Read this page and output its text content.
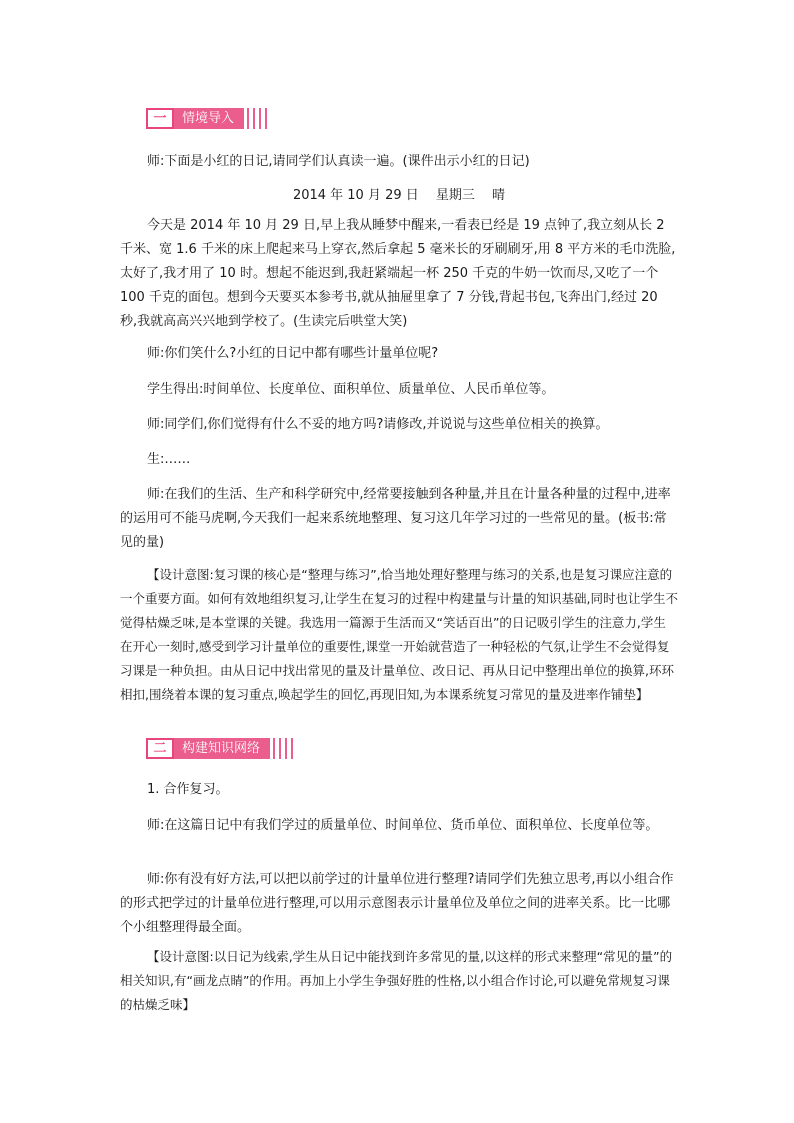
一	情境导入

师:下面是小红的日记,请同学们认真读一遍。(课件出示小红的日记)

2014 年 10 月 29 日　 星期三　 晴

今天是 2014 年 10 月 29 日,早上我从睡梦中醒来,一看表已经是 19 点钟了,我立刻从长 2 千米、宽 1.6 千米的床上爬起来马上穿衣,然后拿起 5 毫米长的牙刷刷牙,用 8 平方米的毛巾洗脸,太好了,我才用了 10 时。想起不能迟到,我赶紧端起一杯 250 千克的牛奶一饮而尽,又吃了一个 100 千克的面包。想到今天要买本参考书,就从抽屉里拿了 7 分钱,背起书包,飞奔出门,经过 20 秒,我就高高兴兴地到学校了。(生读完后哄堂大笑)

师:你们笑什么?小红的日记中都有哪些计量单位呢?

学生得出:时间单位、长度单位、面积单位、质量单位、人民币单位等。

师:同学们,你们觉得有什么不妥的地方吗?请修改,并说说与这些单位相关的换算。

生:……

师:在我们的生活、生产和科学研究中,经常要接触到各种量,并且在计量各种量的过程中,进率的运用可不能马虎啊,今天我们一起来系统地整理、复习这几年学习过的一些常见的量。(板书:常见的量)

【设计意图:复习课的核心是“整理与练习”,恰当地处理好整理与练习的关系,也是复习课应注意的一个重要方面。如何有效地组织复习,让学生在复习的过程中构建量与计量的知识基础,同时也让学生不觉得枯燥乏味,是本堂课的关键。我选用一篇源于生活而又“笑话百出”的日记吸引学生的注意力,学生在开心一刻时,感受到学习计量单位的重要性,课堂一开始就营造了一种轻松的气氛,让学生不会觉得复习课是一种负担。由从日记中找出常见的量及计量单位、改日记、再从日记中整理出单位的换算,环环相扣,围绕着本课的复习重点,唤起学生的回忆,再现旧知,为本课系统复习常见的量及进率作铺垫】

二	构建知识网络

1. 合作复习。

师:在这篇日记中有我们学过的质量单位、时间单位、货币单位、面积单位、长度单位等。

师:你有没有好方法,可以把以前学过的计量单位进行整理?请同学们先独立思考,再以小组合作的形式把学过的计量单位进行整理,可以用示意图表示计量单位及单位之间的进率关系。比一比哪个小组整理得最全面。

【设计意图:以日记为线索,学生从日记中能找到许多常见的量,以这样的形式来整理“常见的量”的相关知识,有“画龙点睛”的作用。再加上小学生争强好胜的性格,以小组合作讨论,可以避免常规复习课的枯燥乏味】
